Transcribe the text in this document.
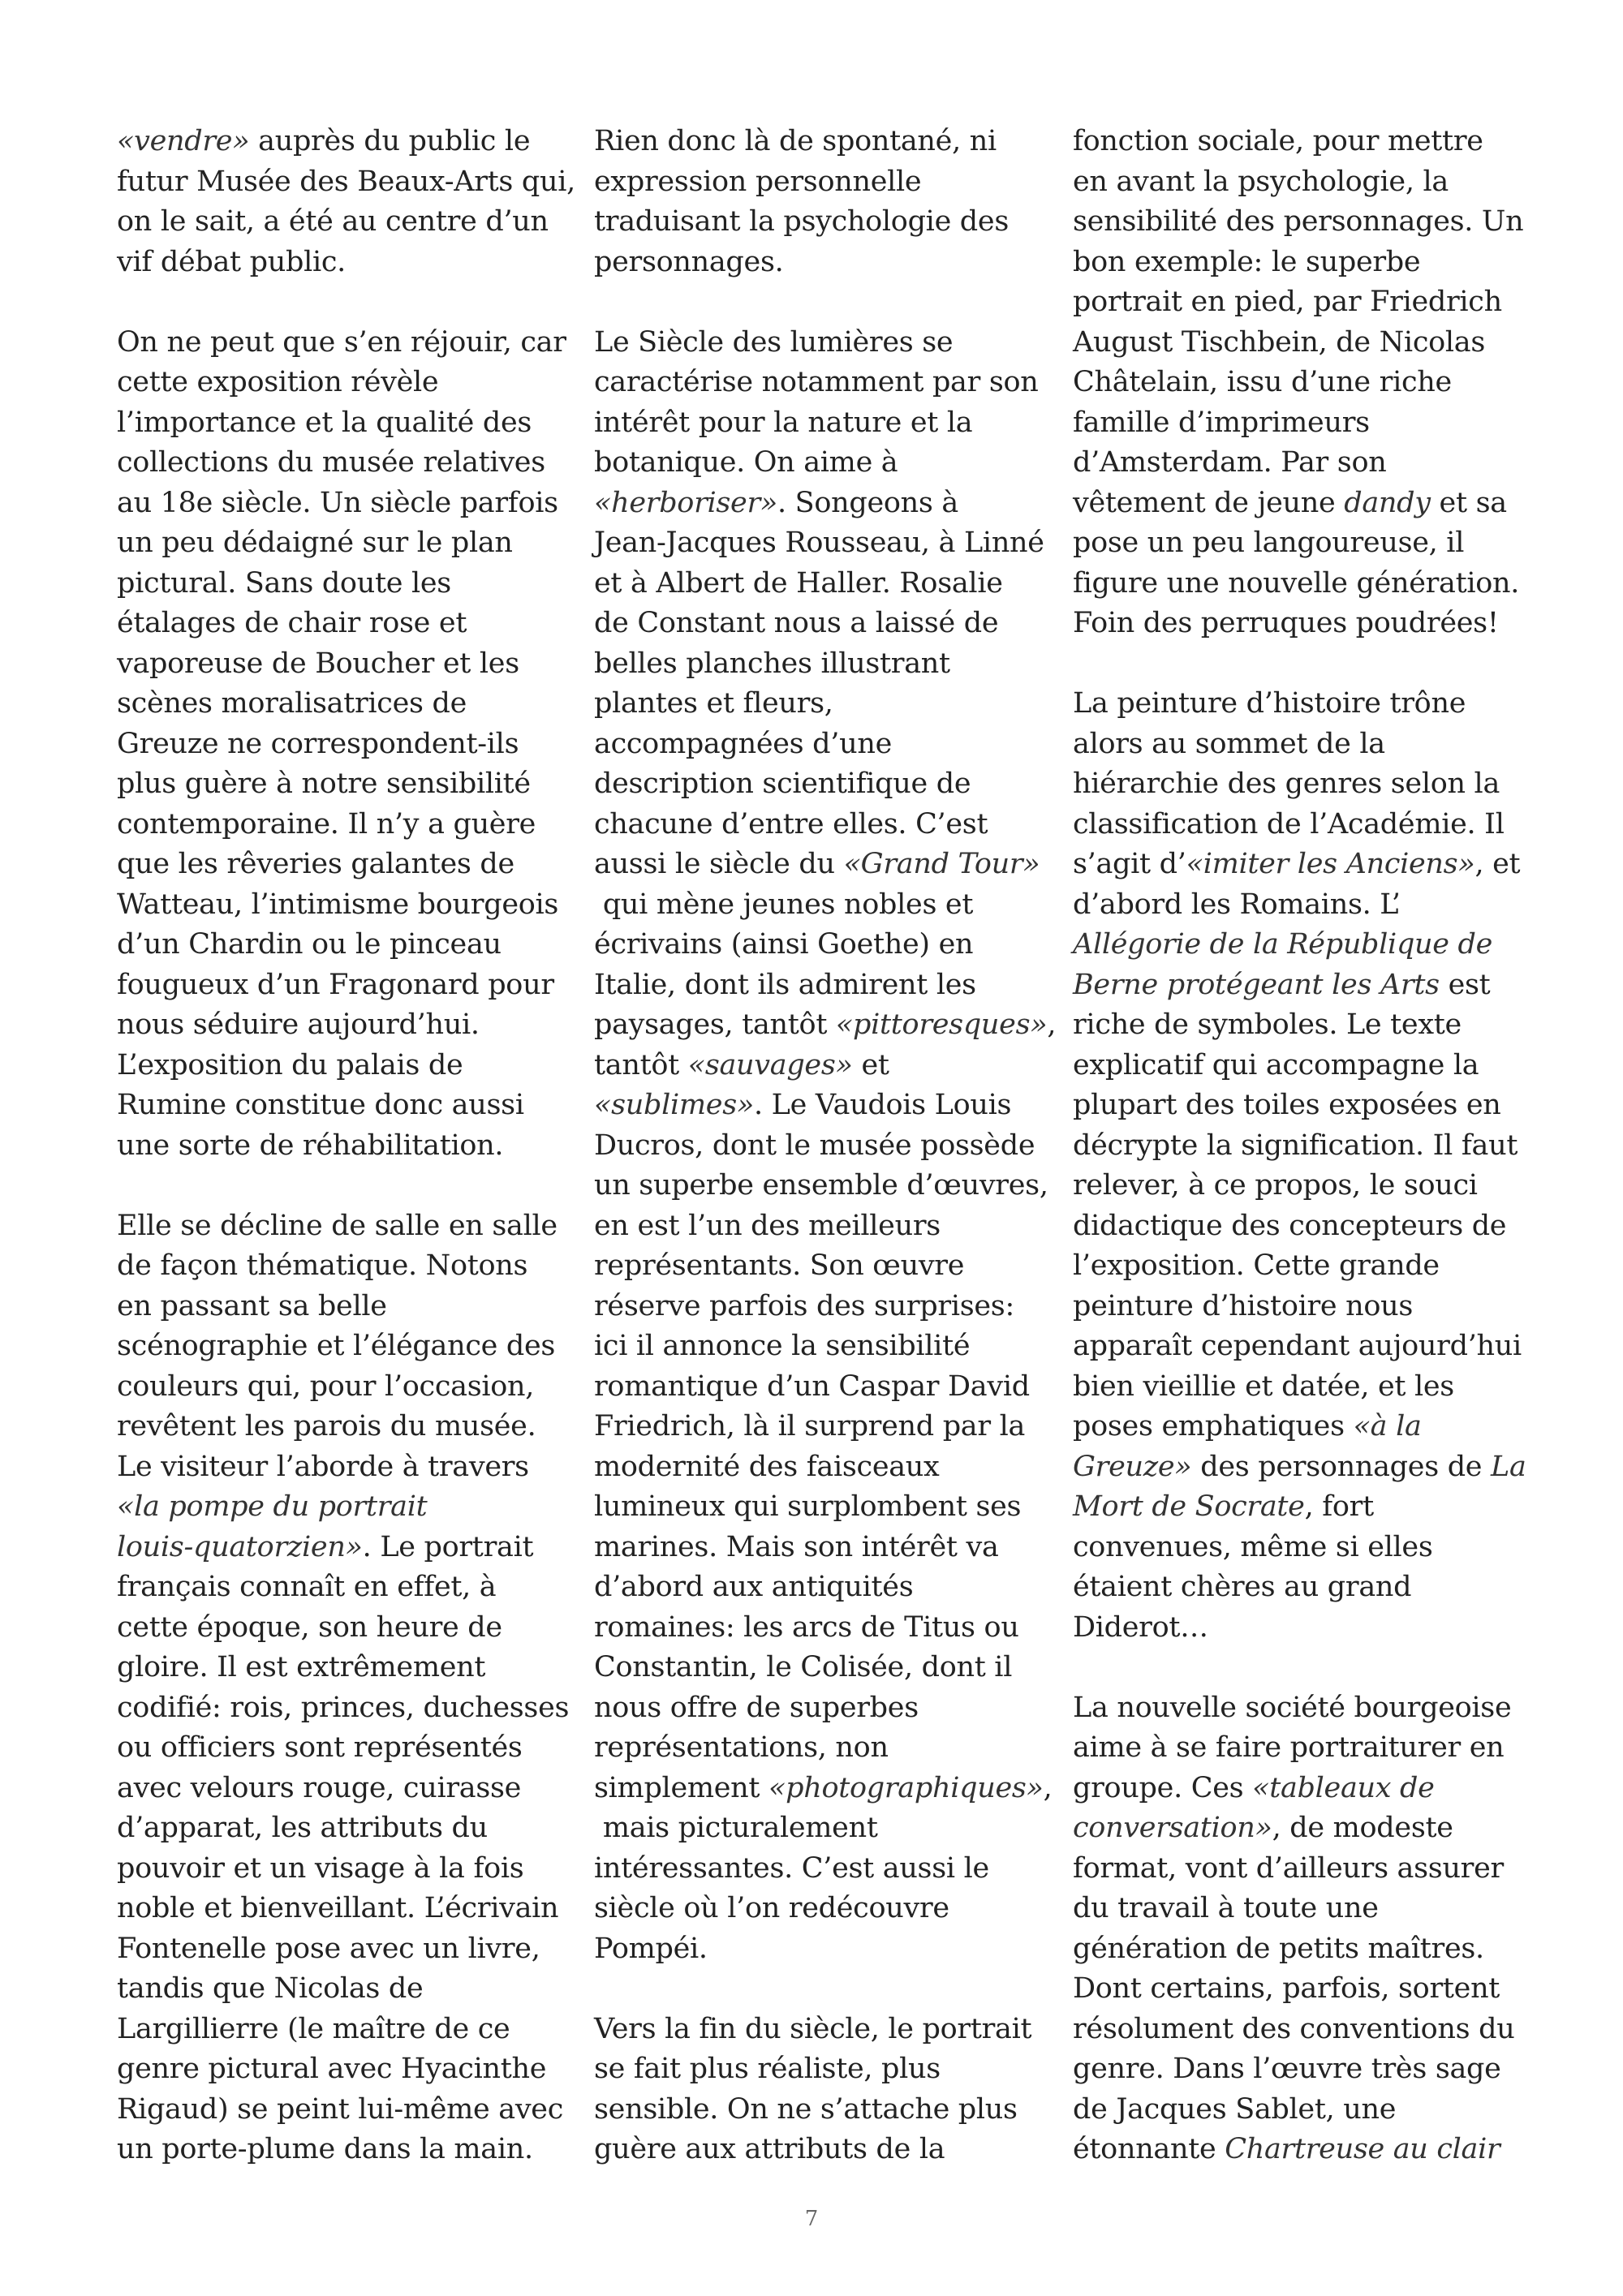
«vendre» auprès du public le
futur Musée des Beaux-Arts qui,
on le sait, a été au centre d’un
vif débat public.
On ne peut que s’en réjouir, car
cette exposition révèle
l’importance et la qualité des
collections du musée relatives
au 18e siècle. Un siècle parfois
un peu dédaigné sur le plan
pictural. Sans doute les
étalages de chair rose et
vaporeuse de Boucher et les
scènes moralisatrices de
Greuze ne correspondent-ils
plus guère à notre sensibilité
contemporaine. Il n’y a guère
que les rêveries galantes de
Watteau, l’intimisme bourgeois
d’un Chardin ou le pinceau
fougueux d’un Fragonard pour
nous séduire aujourd’hui.
L’exposition du palais de
Rumine constitue donc aussi
une sorte de réhabilitation.
Elle se décline de salle en salle
de façon thématique. Notons
en passant sa belle
scénographie et l’élégance des
couleurs qui, pour l’occasion,
revêtent les parois du musée.
Le visiteur l’aborde à travers
«la pompe du portrait
louis-quatorzien». Le portrait
français connaît en effet, à
cette époque, son heure de
gloire. Il est extrêmement
codifié: rois, princes, duchesses
ou officiers sont représentés
avec velours rouge, cuirasse
d’apparat, les attributs du
pouvoir et un visage à la fois
noble et bienveillant. L’écrivain
Fontenelle pose avec un livre,
tandis que Nicolas de
Largillierre (le maître de ce
genre pictural avec Hyacinthe
Rigaud) se peint lui-même avec
un porte-plume dans la main.
Rien donc là de spontané, ni
expression personnelle
traduisant la psychologie des
personnages.
Le Siècle des lumières se
caractérise notamment par son
intérêt pour la nature et la
botanique. On aime à
«herboriser». Songeons à
Jean-Jacques Rousseau, à Linné
et à Albert de Haller. Rosalie
de Constant nous a laissé de
belles planches illustrant
plantes et fleurs,
accompagnées d’une
description scientifique de
chacune d’entre elles. C’est
aussi le siècle du «Grand Tour»
qui mène jeunes nobles et
écrivains (ainsi Goethe) en
Italie, dont ils admirent les
paysages, tantôt «pittoresques»,
tantôt «sauvages» et
«sublimes». Le Vaudois Louis
Ducros, dont le musée possède
un superbe ensemble d’œuvres,
en est l’un des meilleurs
représentants. Son œuvre
réserve parfois des surprises:
ici il annonce la sensibilité
romantique d’un Caspar David
Friedrich, là il surprend par la
modernité des faisceaux
lumineux qui surplombent ses
marines. Mais son intérêt va
d’abord aux antiquités
romaines: les arcs de Titus ou
Constantin, le Colisée, dont il
nous offre de superbes
représentations, non
simplement «photographiques»,
mais picturalement
intéressantes. C’est aussi le
siècle où l’on redécouvre
Pompéi.
Vers la fin du siècle, le portrait
se fait plus réaliste, plus
sensible. On ne s’attache plus
guère aux attributs de la
fonction sociale, pour mettre
en avant la psychologie, la
sensibilité des personnages. Un
bon exemple: le superbe
portrait en pied, par Friedrich
August Tischbein, de Nicolas
Châtelain, issu d’une riche
famille d’imprimeurs
d’Amsterdam. Par son
vêtement de jeune dandy et sa
pose un peu langoureuse, il
figure une nouvelle génération.
Foin des perruques poudrées!
La peinture d’histoire trône
alors au sommet de la
hiérarchie des genres selon la
classification de l’Académie. Il
s’agit d’«imiter les Anciens», et
d’abord les Romains. L’
Allégorie de la République de
Berne protégeant les Arts est
riche de symboles. Le texte
explicatif qui accompagne la
plupart des toiles exposées en
décrypte la signification. Il faut
relever, à ce propos, le souci
didactique des concepteurs de
l’exposition. Cette grande
peinture d’histoire nous
apparaît cependant aujourd’hui
bien vieillie et datée, et les
poses emphatiques «à la
Greuze» des personnages de La
Mort de Socrate, fort
convenues, même si elles
étaient chères au grand
Diderot…
La nouvelle société bourgeoise
aime à se faire portraiturer en
groupe. Ces «tableaux de
conversation», de modeste
format, vont d’ailleurs assurer
du travail à toute une
génération de petits maîtres.
Dont certains, parfois, sortent
résolument des conventions du
genre. Dans l’œuvre très sage
de Jacques Sablet, une
étonnante Chartreuse au clair
7
